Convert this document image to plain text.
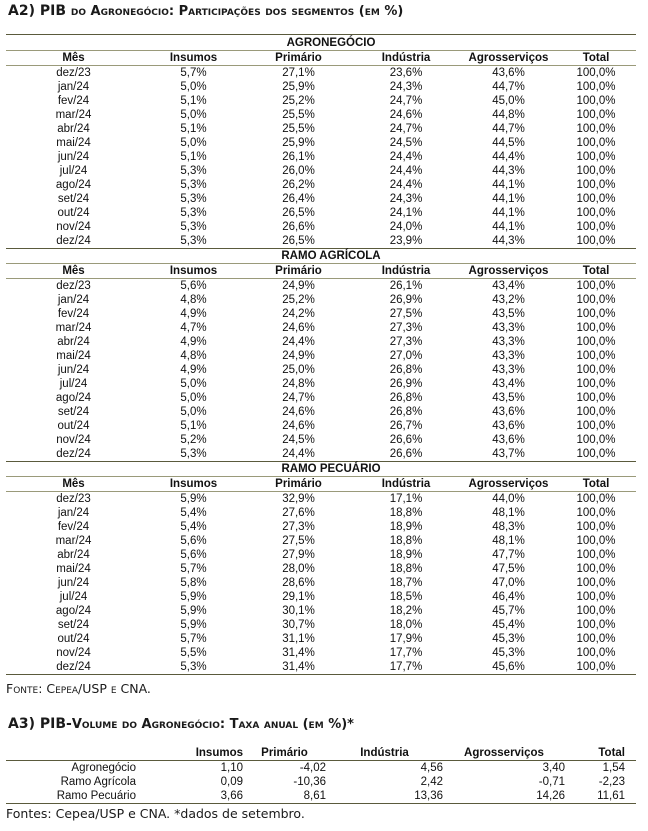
A2) PIB do Agronegócio: Participações dos segmentos (em %)
AGRONEGÓCIO
Mês	Insumos	Primário	Indústria	Agrosserviços	Total
dez/23	5,7%	27,1%	23,6%	43,6%	100,0%
jan/24	5,0%	25,9%	24,3%	44,7%	100,0%
fev/24	5,1%	25,2%	24,7%	45,0%	100,0%
mar/24	5,0%	25,5%	24,6%	44,8%	100,0%
abr/24	5,1%	25,5%	24,7%	44,7%	100,0%
mai/24	5,0%	25,9%	24,5%	44,5%	100,0%
jun/24	5,1%	26,1%	24,4%	44,4%	100,0%
jul/24	5,3%	26,0%	24,4%	44,3%	100,0%
ago/24	5,3%	26,2%	24,4%	44,1%	100,0%
set/24	5,3%	26,4%	24,3%	44,1%	100,0%
out/24	5,3%	26,5%	24,1%	44,1%	100,0%
nov/24	5,3%	26,6%	24,0%	44,1%	100,0%
dez/24	5,3%	26,5%	23,9%	44,3%	100,0%
RAMO AGRÍCOLA
Mês	Insumos	Primário	Indústria	Agrosserviços	Total
dez/23	5,6%	24,9%	26,1%	43,4%	100,0%
jan/24	4,8%	25,2%	26,9%	43,2%	100,0%
fev/24	4,9%	24,2%	27,5%	43,5%	100,0%
mar/24	4,7%	24,6%	27,3%	43,3%	100,0%
abr/24	4,9%	24,4%	27,3%	43,3%	100,0%
mai/24	4,8%	24,9%	27,0%	43,3%	100,0%
jun/24	4,9%	25,0%	26,8%	43,3%	100,0%
jul/24	5,0%	24,8%	26,9%	43,4%	100,0%
ago/24	5,0%	24,7%	26,8%	43,5%	100,0%
set/24	5,0%	24,6%	26,8%	43,6%	100,0%
out/24	5,1%	24,6%	26,7%	43,6%	100,0%
nov/24	5,2%	24,5%	26,6%	43,6%	100,0%
dez/24	5,3%	24,4%	26,6%	43,7%	100,0%
RAMO PECUÁRIO
Mês	Insumos	Primário	Indústria	Agrosserviços	Total
dez/23	5,9%	32,9%	17,1%	44,0%	100,0%
jan/24	5,4%	27,6%	18,8%	48,1%	100,0%
fev/24	5,4%	27,3%	18,9%	48,3%	100,0%
mar/24	5,6%	27,5%	18,8%	48,1%	100,0%
abr/24	5,6%	27,9%	18,9%	47,7%	100,0%
mai/24	5,7%	28,0%	18,8%	47,5%	100,0%
jun/24	5,8%	28,6%	18,7%	47,0%	100,0%
jul/24	5,9%	29,1%	18,5%	46,4%	100,0%
ago/24	5,9%	30,1%	18,2%	45,7%	100,0%
set/24	5,9%	30,7%	18,0%	45,4%	100,0%
out/24	5,7%	31,1%	17,9%	45,3%	100,0%
nov/24	5,5%	31,4%	17,7%	45,3%	100,0%
dez/24	5,3%	31,4%	17,7%	45,6%	100,0%
Fonte: Cepea/USP e CNA.
A3) PIB-Volume do Agronegócio: Taxa anual (em %)*
Insumos	Primário	Indústria	Agrosserviços	Total
Agronegócio	1,10	-4,02	4,56	3,40	1,54
Ramo Agrícola	0,09	-10,36	2,42	-0,71	-2,23
Ramo Pecuário	3,66	8,61	13,36	14,26	11,61
Fontes: Cepea/USP e CNA. *dados de setembro.
